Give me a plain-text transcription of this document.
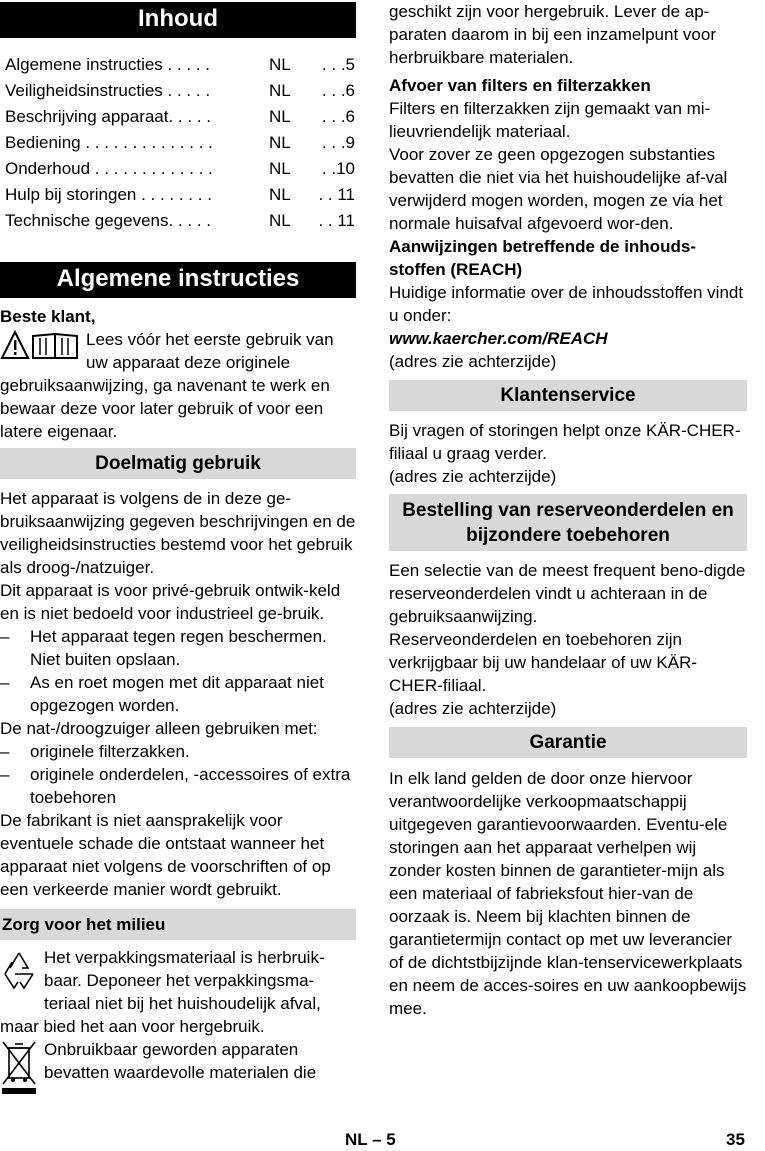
Inhoud
Algemene instructies . . . . .	NL	. . .5
Veiligheidsinstructies . . . . .	NL	. . .6
Beschrijving apparaat. . . . .	NL	. . .6
Bediening . . . . . . . . . . . . . .	NL	. . .9
Onderhoud . . . . . . . . . . . . .	NL	. .10
Hulp bij storingen . . . . . . . .	NL	. . 11
Technische gegevens. . . . .	NL	. . 11
Algemene instructies

Beste klant,

Lees vóór het eerste gebruik van uw apparaat deze originele gebruiksaanwijzing, ga navenant te werk en bewaar deze voor later gebruik of voor een latere eigenaar.
Doelmatig gebruik

Het apparaat is volgens de in deze ge-bruiksaanwijzing gegeven beschrijvingen en de veiligheidsinstructies bestemd voor het gebruik als droog-/natzuiger.

Dit apparaat is voor privé-gebruik ontwik-keld en is niet bedoeld voor industrieel ge-bruik.

–	Het apparaat tegen regen beschermen. Niet buiten opslaan.
–	As en roet mogen met dit apparaat niet opgezogen worden.

De nat-/droogzuiger alleen gebruiken met:

–	originele filterzakken.
–	originele onderdelen, -accessoires of extra toebehoren

De fabrikant is niet aansprakelijk voor eventuele schade die ontstaat wanneer het apparaat niet volgens de voorschriften of op een verkeerde manier wordt gebruikt.

Zorg voor het milieu
Het verpakkingsmateriaal is herbruik-baar. Deponeer het verpakkingsma-teriaal niet bij het huishoudelijk afval, maar bied het aan voor hergebruik.
Onbruikbaar geworden apparaten bevatten waardevolle materialen die

geschikt zijn voor hergebruik. Lever de ap-paraten daarom in bij een inzamelpunt voor herbruikbare materialen.

Afvoer van filters en filterzakken

Filters en filterzakken zijn gemaakt van mi-lieuvriendelijk materiaal.

Voor zover ze geen opgezogen substanties bevatten die niet via het huishoudelijke af-val verwijderd mogen worden, mogen ze via het normale huisafval afgevoerd wor-den.

Aanwijzingen betreffende de inhouds-stoffen (REACH)

Huidige informatie over de inhoudsstoffen vindt u onder:

www.kaercher.com/REACH

(adres zie achterzijde)

Klantenservice

Bij vragen of storingen helpt onze KÄR-CHER-filiaal u graag verder.

(adres zie achterzijde)

Bestelling van reserveonderdelen en bijzondere toebehoren

Een selectie van de meest frequent beno-digde reserveonderdelen vindt u achteraan in de gebruiksaanwijzing.

Reserveonderdelen en toebehoren zijn verkrijgbaar bij uw handelaar of uw KÄR-CHER-filiaal.

(adres zie achterzijde)

Garantie

In elk land gelden de door onze hiervoor verantwoordelijke verkoopmaatschappij uitgegeven garantievoorwaarden. Eventu-ele storingen aan het apparaat verhelpen wij zonder kosten binnen de garantieter-mijn als een materiaal of fabrieksfout hier-van de oorzaak is. Neem bij klachten binnen de garantietermijn contact op met uw leverancier of de dichtstbijzijnde klan-tenservicewerkplaats en neem de acces-soires en uw aankoopbewijs mee.

NL – 5	35
